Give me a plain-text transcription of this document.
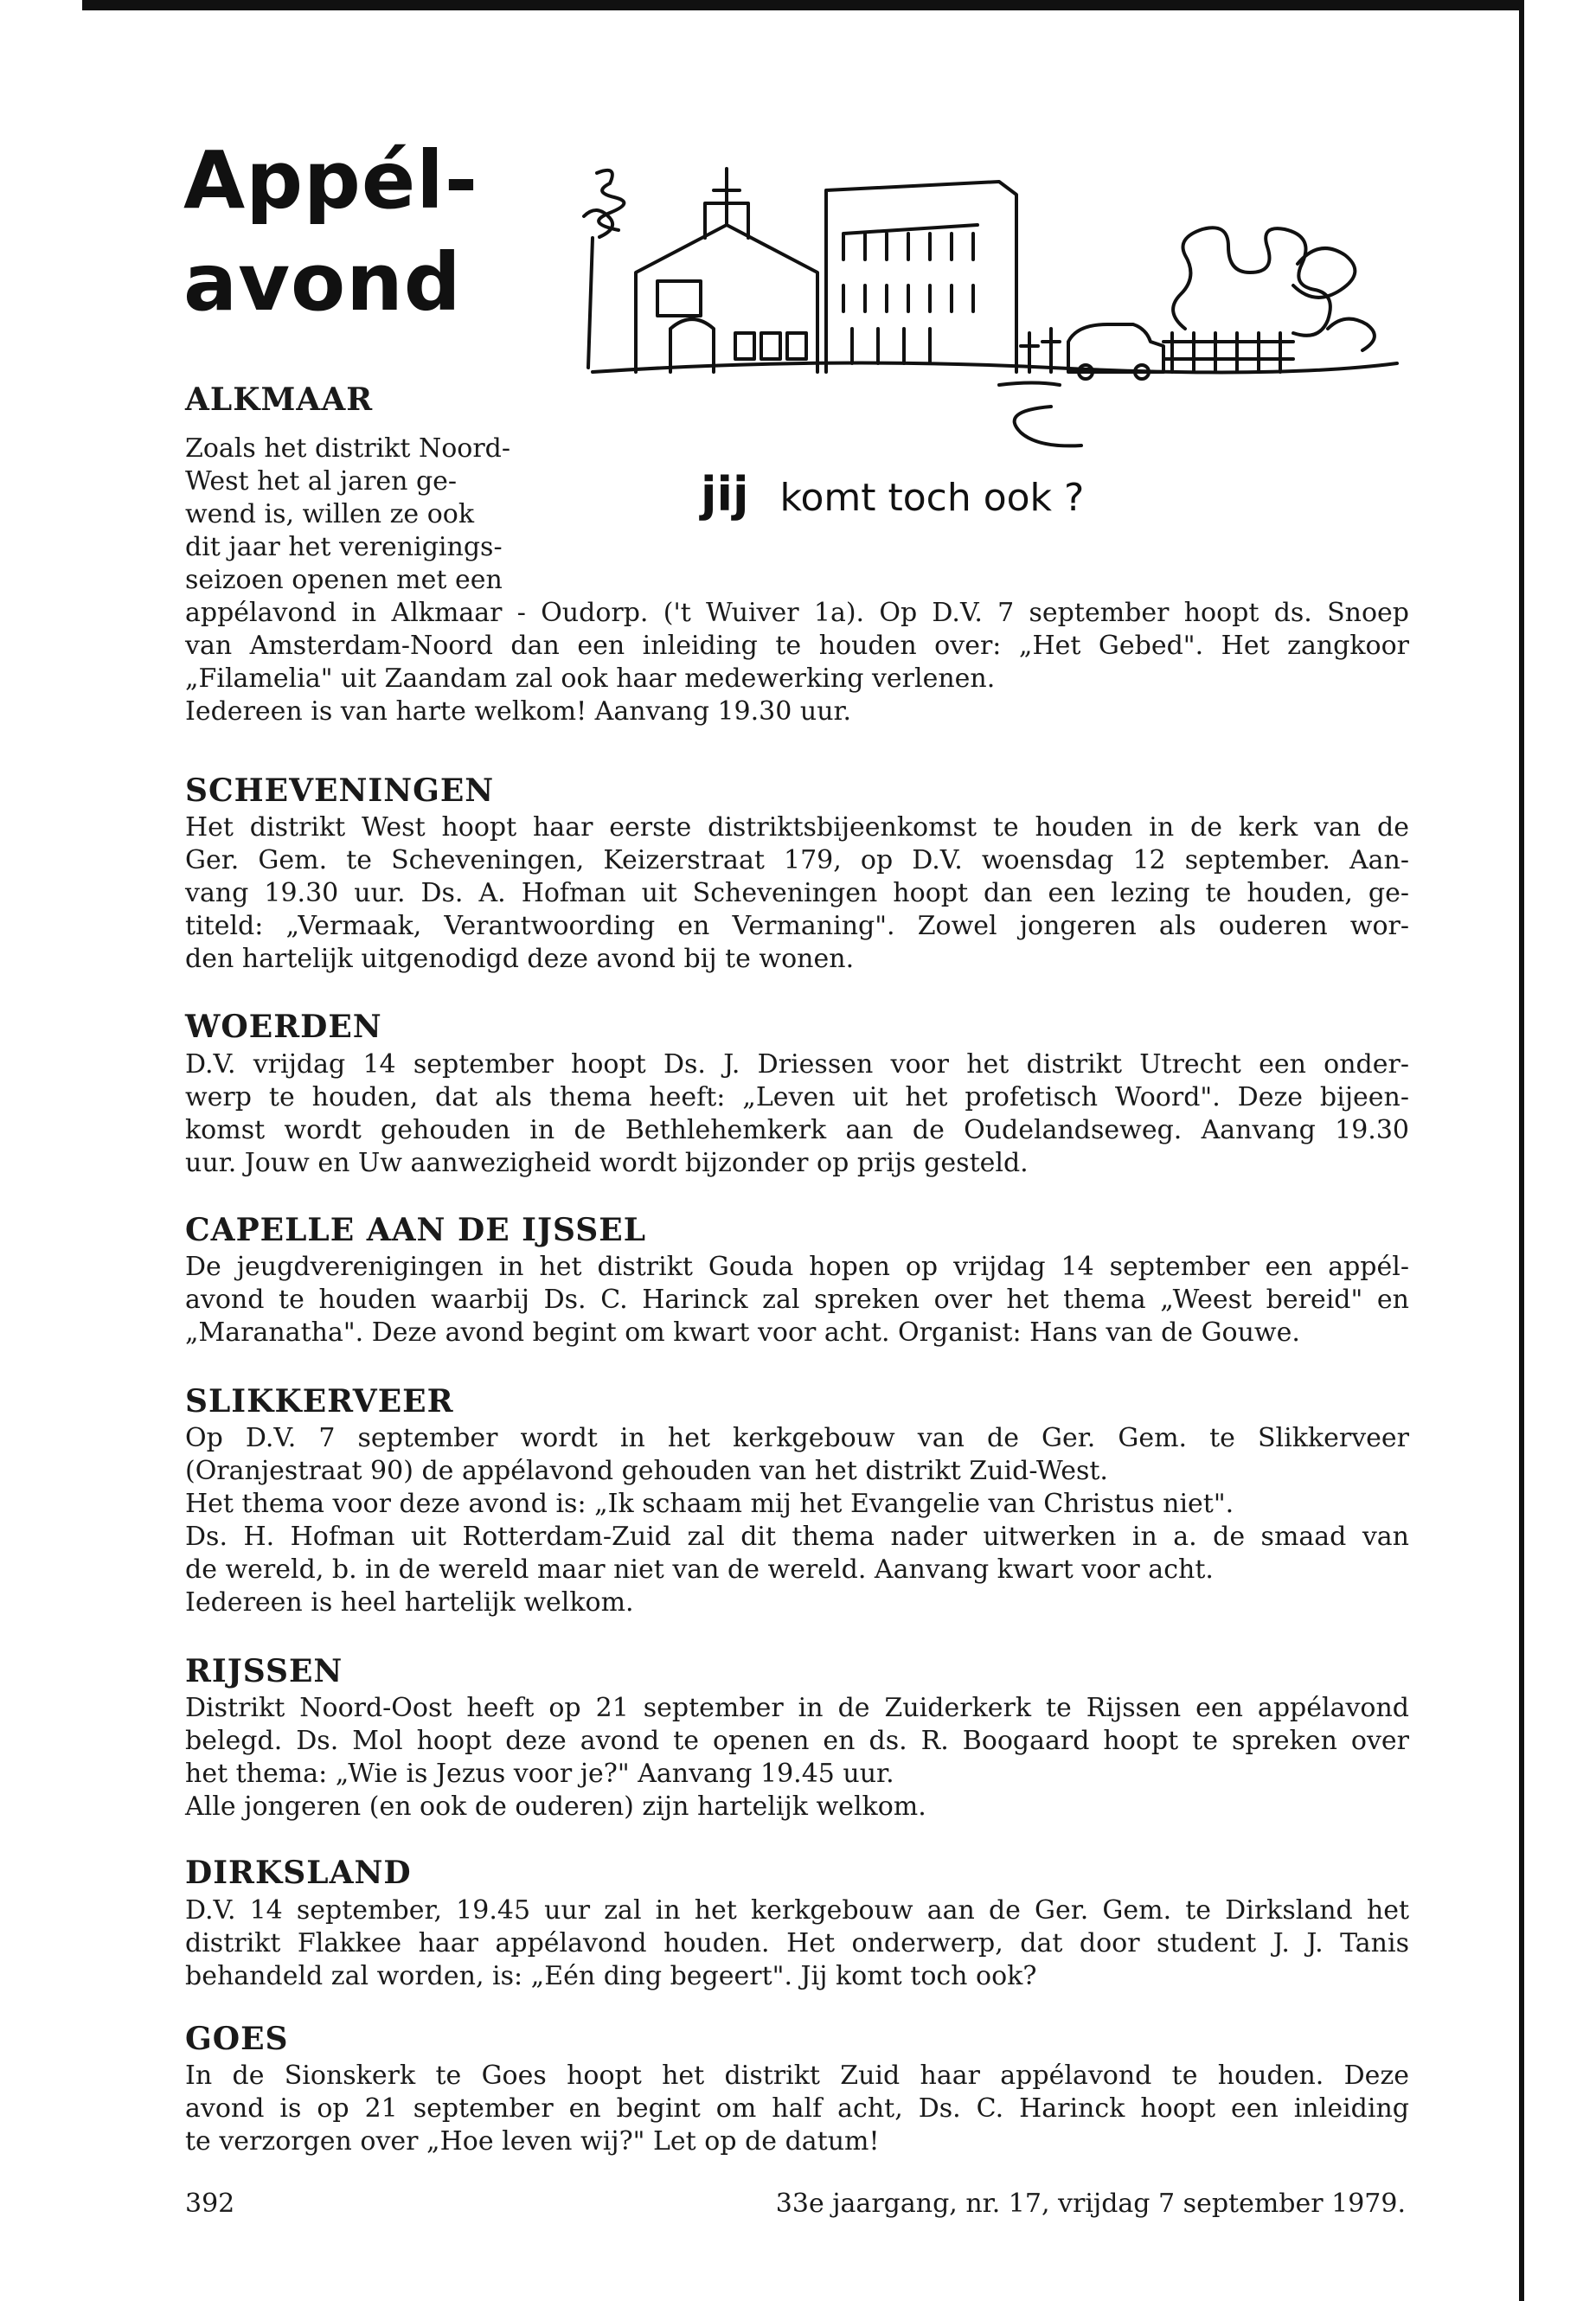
Appél-
avond

jij komt toch ook ?

ALKMAAR

Zoals het distrikt Noord-
West het al jaren ge-
wend is, willen ze ook
dit jaar het verenigings-
seizoen openen met een

appélavond in Alkmaar - Oudorp. ('t Wuiver 1a). Op D.V. 7 september hoopt ds. Snoep
van Amsterdam-Noord dan een inleiding te houden over: „Het Gebed". Het zangkoor
„Filamelia" uit Zaandam zal ook haar medewerking verlenen.
Iedereen is van harte welkom! Aanvang 19.30 uur.

SCHEVENINGEN

Het distrikt West hoopt haar eerste distriktsbijeenkomst te houden in de kerk van de
Ger. Gem. te Scheveningen, Keizerstraat 179, op D.V. woensdag 12 september. Aan-
vang 19.30 uur. Ds. A. Hofman uit Scheveningen hoopt dan een lezing te houden, ge-
titeld: „Vermaak, Verantwoording en Vermaning". Zowel jongeren als ouderen wor-
den hartelijk uitgenodigd deze avond bij te wonen.

WOERDEN

D.V. vrijdag 14 september hoopt Ds. J. Driessen voor het distrikt Utrecht een onder-
werp te houden, dat als thema heeft: „Leven uit het profetisch Woord". Deze bijeen-
komst wordt gehouden in de Bethlehemkerk aan de Oudelandseweg. Aanvang 19.30
uur. Jouw en Uw aanwezigheid wordt bijzonder op prijs gesteld.

CAPELLE AAN DE IJSSEL

De jeugdverenigingen in het distrikt Gouda hopen op vrijdag 14 september een appél-
avond te houden waarbij Ds. C. Harinck zal spreken over het thema „Weest bereid" en
„Maranatha". Deze avond begint om kwart voor acht. Organist: Hans van de Gouwe.

SLIKKERVEER

Op D.V. 7 september wordt in het kerkgebouw van de Ger. Gem. te Slikkerveer
(Oranjestraat 90) de appélavond gehouden van het distrikt Zuid-West.
Het thema voor deze avond is: „Ik schaam mij het Evangelie van Christus niet".
Ds. H. Hofman uit Rotterdam-Zuid zal dit thema nader uitwerken in a. de smaad van
de wereld, b. in de wereld maar niet van de wereld. Aanvang kwart voor acht.
Iedereen is heel hartelijk welkom.

RIJSSEN

Distrikt Noord-Oost heeft op 21 september in de Zuiderkerk te Rijssen een appélavond
belegd. Ds. Mol hoopt deze avond te openen en ds. R. Boogaard hoopt te spreken over
het thema: „Wie is Jezus voor je?" Aanvang 19.45 uur.
Alle jongeren (en ook de ouderen) zijn hartelijk welkom.

DIRKSLAND

D.V. 14 september, 19.45 uur zal in het kerkgebouw aan de Ger. Gem. te Dirksland het
distrikt Flakkee haar appélavond houden. Het onderwerp, dat door student J. J. Tanis
behandeld zal worden, is: „Eén ding begeert". Jij komt toch ook?

GOES

In de Sionskerk te Goes hoopt het distrikt Zuid haar appélavond te houden. Deze
avond is op 21 september en begint om half acht, Ds. C. Harinck hoopt een inleiding
te verzorgen over „Hoe leven wij?" Let op de datum!

392	33e jaargang, nr. 17, vrijdag 7 september 1979.
